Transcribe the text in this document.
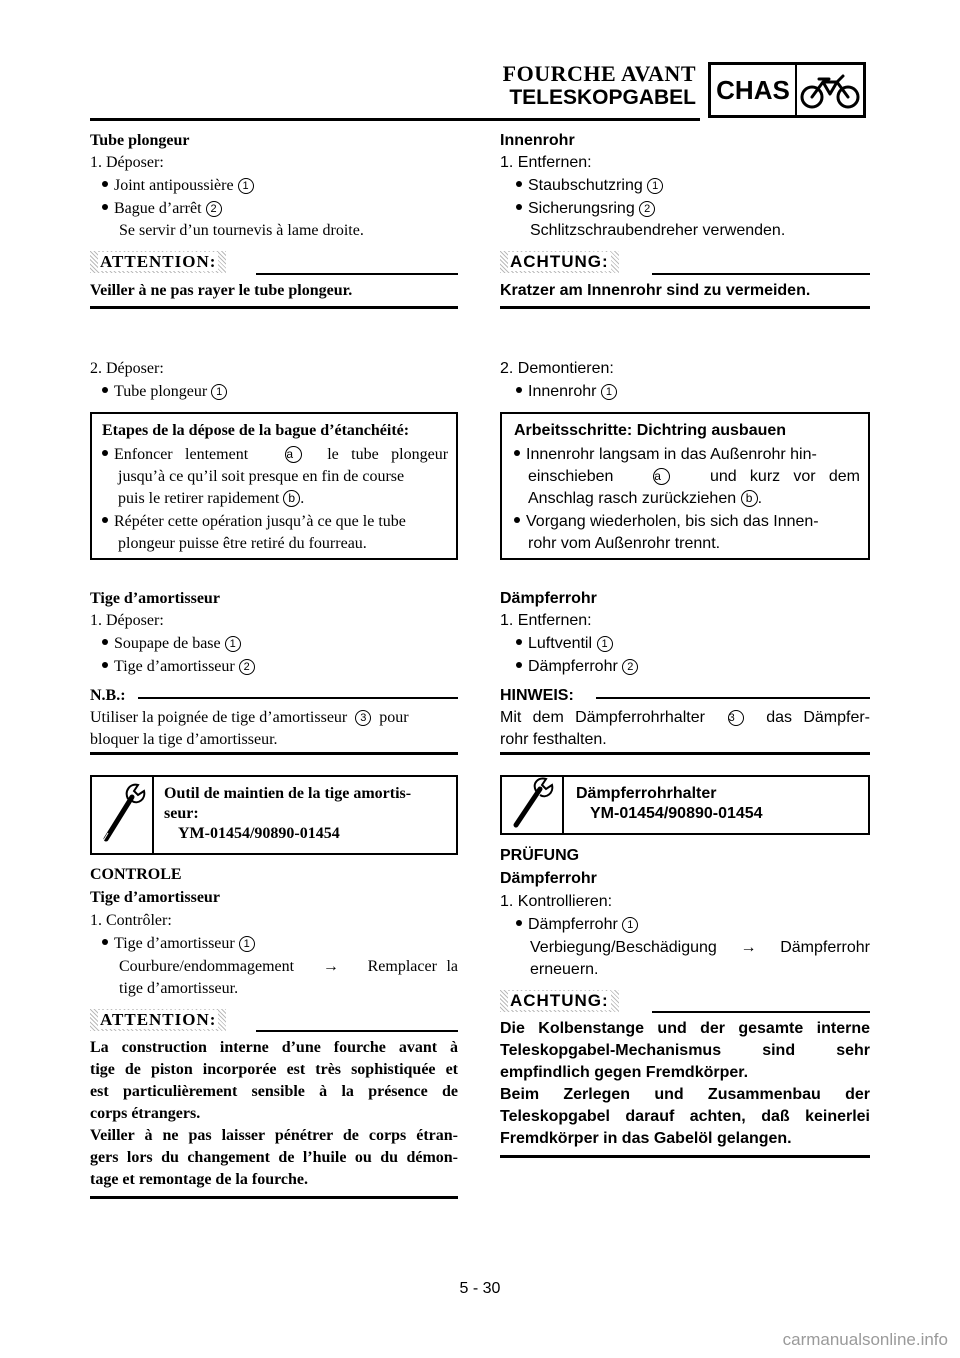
FOURCHE AVANT
TELESKOPGABEL CHAS
Tube plongeur
1. Déposer:
Joint antipoussière 1
Bague d’arrêt 2
Se servir d’un tournevis à lame droite.
ATTENTION:
Veiller à ne pas rayer le tube plongeur.
2. Déposer:
Tube plongeur 1
Etapes de la dépose de la bague d’étanchéité:
Enfoncer lentement	a le tube plongeur
jusqu’à ce qu’il soit presque en fin de course
puis le retirer rapidement b .
Répéter cette opération jusqu’à ce que le tube
plongeur puisse être retiré du fourreau.
Tige d’amortisseur
1. Déposer:
Soupape de base 1
Tige d’amortisseur 2
N.B.:
Utiliser la poignée de tige d’amortisseur 3 pour
bloquer la tige d’amortisseur.
Outil de maintien de la tige amortis-
seur:
YM-01454/90890-01454
CONTROLE
Tige d’amortisseur
1. Contrôler:
Tige d’amortisseur 1
Courbure/endommagement → Remplacer la
tige d’amortisseur.
ATTENTION:
La construction interne d’une fourche avant à
tige de piston incorporée est très sophistiquée et
est particulièrement sensible à la présence de
corps étrangers.
Veiller à ne pas laisser pénétrer de corps étran-
gers lors du changement de l’huile ou du démon-
tage et remontage de la fourche.
Innenrohr
1. Entfernen:
Staubschutzring 1
Sicherungsring 2
Schlitzschraubendreher verwenden.
ACHTUNG:
Kratzer am Innenrohr sind zu vermeiden.
2. Demontieren:
Innenrohr 1
Arbeitsschritte: Dichtring ausbauen
Innenrohr langsam in das Außenrohr hin-
einschieben	a	und kurz vor dem
Anschlag rasch zurückziehen b .
Vorgang wiederholen, bis sich das Innen-
rohr vom Außenrohr trennt.
Dämpferrohr
1. Entfernen:
Luftventil 1
Dämpferrohr 2
HINWEIS:
Mit dem Dämpferrohrhalter 3 das Dämpfer-
rohr festhalten.
Dämpferrohrhalter
YM-01454/90890-01454
PRÜFUNG
Dämpferrohr
1. Kontrollieren:
Dämpferrohr 1
Verbiegung/Beschädigung → Dämpferrohr
erneuern.
ACHTUNG:
Die Kolbenstange und der gesamte interne
Teleskopgabel-Mechanismus sind sehr
empfindlich gegen Fremdkörper.
Beim Zerlegen und Zusammenbau der
Teleskopgabel darauf achten, daß keinerlei
Fremdkörper in das Gabelöl gelangen.
5 - 30
carmanualsonline.info
